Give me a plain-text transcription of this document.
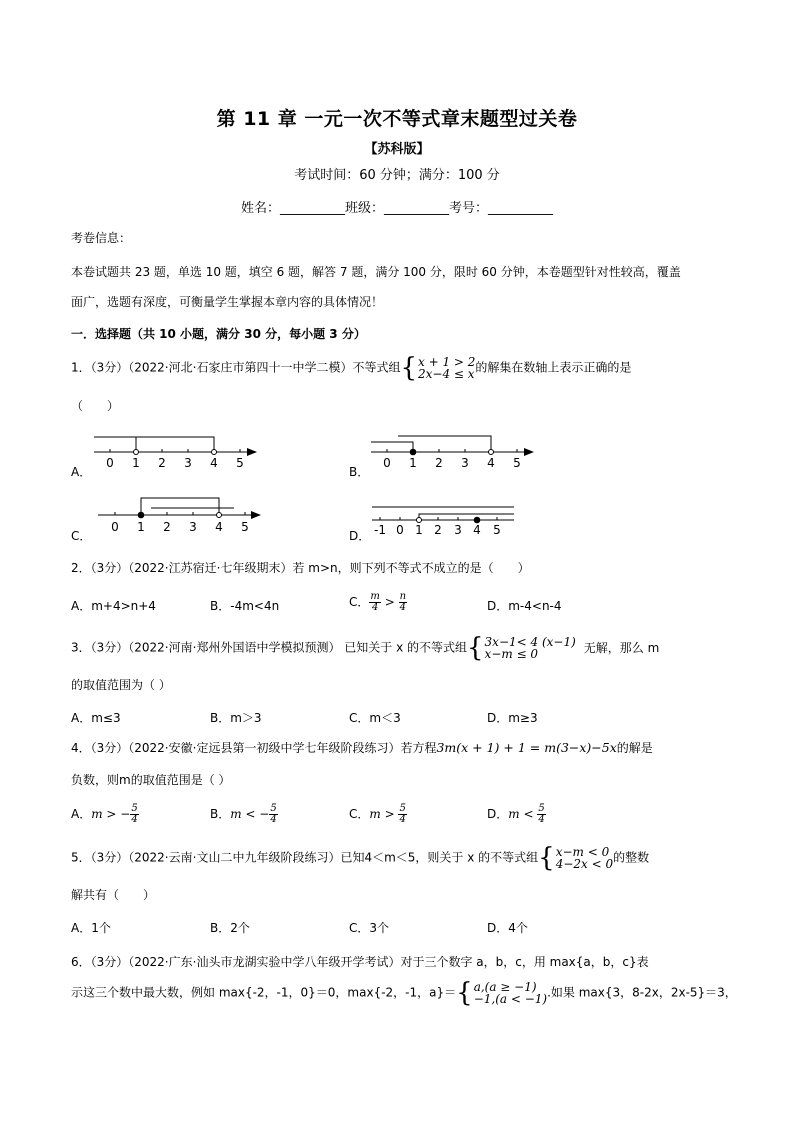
第 11 章 一元一次不等式章末题型过关卷
【苏科版】
考试时间：60 分钟；满分：100 分
姓名：__________班级：__________考号：__________
考卷信息：
本卷试题共 23 题，单选 10 题，填空 6 题，解答 7 题，满分 100 分，限时 60 分钟，本卷题型针对性较高，覆盖
面广，选题有深度，可衡量学生掌握本章内容的具体情况！
一．选择题（共 10 小题，满分 30 分，每小题 3 分）
1．（3分）（2022·河北·石家庄市第四十一中学二模）不等式组{ x + 1 > 2
2x−4 ≤ x 的解集在数轴上表示正确的是
（　　）
A．	B．
C．	D．
0 1 2 3 4 5	0 1 2 3 4 5
0 1 2 3 4 5	-1 0 1 2 3 4 5
2．（3分）（2022·江苏宿迁·七年级期末）若 m>n，则下列不等式不成立的是（　　）
A．m+4>n+4	B．-4m<4n	C． $\frac{m}{4} > \frac{n}{4}$	D．m-4<n-4
3．（3分）（2022·河南·郑州外国语中学模拟预测） 已知关于 x 的不等式组{ 3x−1< 4 (x−1)
x−m ≤ 0	无解，那么 m
的取值范围为（ ）
A．m≤3	B．m＞3	C．m＜3	D．m≥3
4．（3分）（2022·安徽·定远县第一初级中学七年级阶段练习）若方程3m(x + 1) + 1 = m(3−x)−5x的解是
负数，则m的取值范围是（ ）
A．m > − $\frac{5}{4}$	B．m < − $\frac{5}{4}$	C．$m > \frac{5}{4}$	D．$m < \frac{5}{4}$
5．（3分）（2022·云南·文山二中九年级阶段练习）已知4＜m＜5，则关于 x 的不等式组{ x−m < 0
4−2x < 0 的整数
解共有（　　）
A．1个	B．2个	C．3个	D．4个
6．（3分）（2022·广东·汕头市龙湖实验中学八年级开学考试）对于三个数字 a，b，c，用 max{a，b，c}表
示这三个数中最大数，例如 max{-2，-1，0}＝0，max{-2，-1，a}＝{ a,(a ≥ −1)
−1,(a < −1) .如果 max{3，8-2x，2x-5}＝3，
